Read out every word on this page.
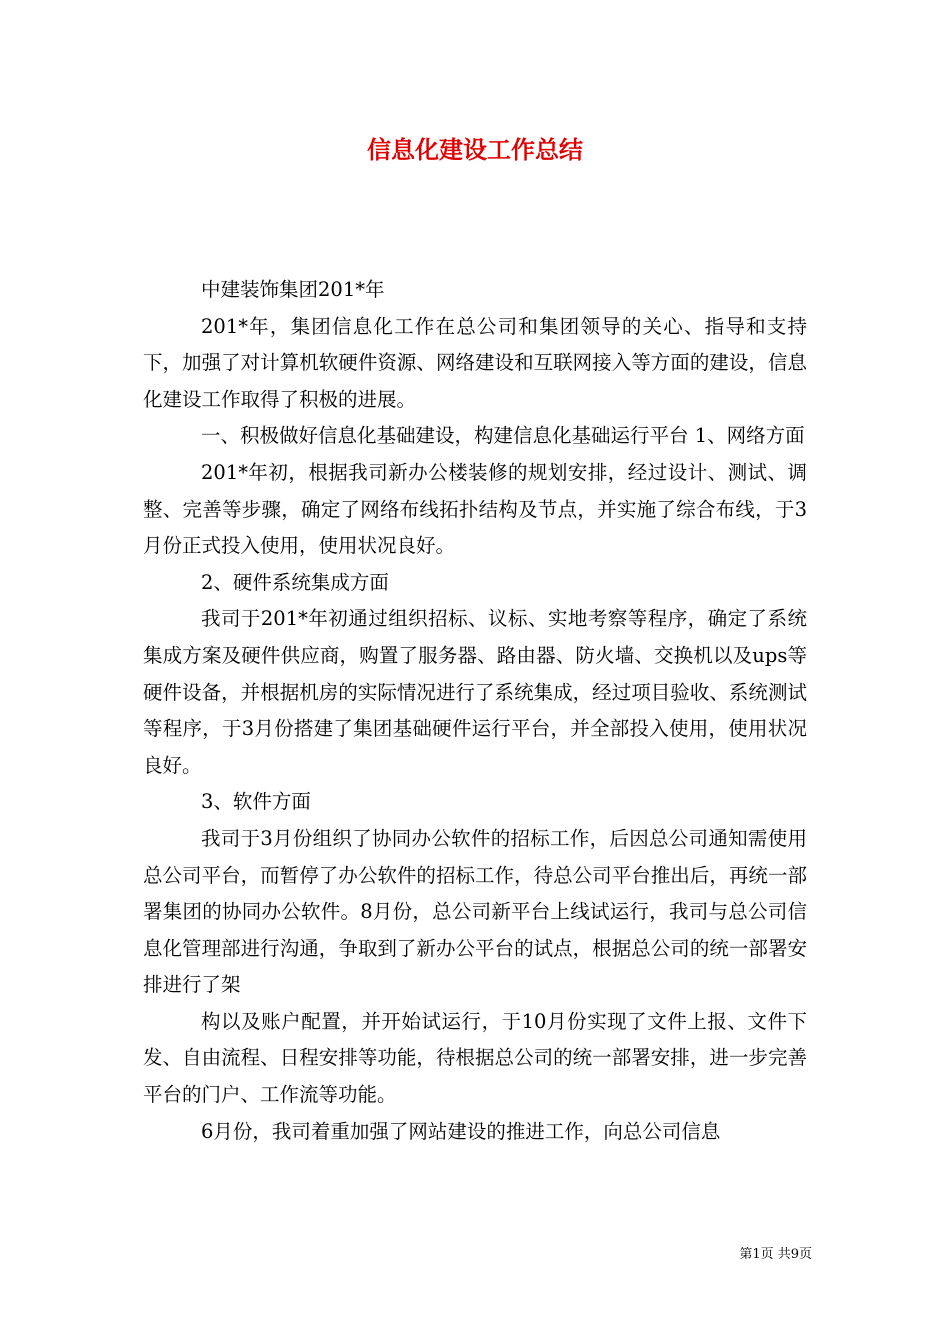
信息化建设工作总结

中建装饰集团201*年

201*年，集团信息化工作在总公司和集团领导的关心、指导和支持下，加强了对计算机软硬件资源、网络建设和互联网接入等方面的建设，信息化建设工作取得了积极的进展。

一、积极做好信息化基础建设，构建信息化基础运行平台 1、网络方面

201*年初，根据我司新办公楼装修的规划安排，经过设计、测试、调整、完善等步骤，确定了网络布线拓扑结构及节点，并实施了综合布线，于3月份正式投入使用，使用状况良好。

2、硬件系统集成方面

我司于201*年初通过组织招标、议标、实地考察等程序，确定了系统集成方案及硬件供应商，购置了服务器、路由器、防火墙、交换机以及ups等硬件设备，并根据机房的实际情况进行了系统集成，经过项目验收、系统测试等程序，于3月份搭建了集团基础硬件运行平台，并全部投入使用，使用状况良好。

3、软件方面

我司于3月份组织了协同办公软件的招标工作，后因总公司通知需使用总公司平台，而暂停了办公软件的招标工作，待总公司平台推出后，再统一部署集团的协同办公软件。8月份，总公司新平台上线试运行，我司与总公司信息化管理部进行沟通，争取到了新办公平台的试点，根据总公司的统一部署安排进行了架

构以及账户配置，并开始试运行，于10月份实现了文件上报、文件下发、自由流程、日程安排等功能，待根据总公司的统一部署安排，进一步完善平台的门户、工作流等功能。

6月份，我司着重加强了网站建设的推进工作，向总公司信息

第1页 共9页
